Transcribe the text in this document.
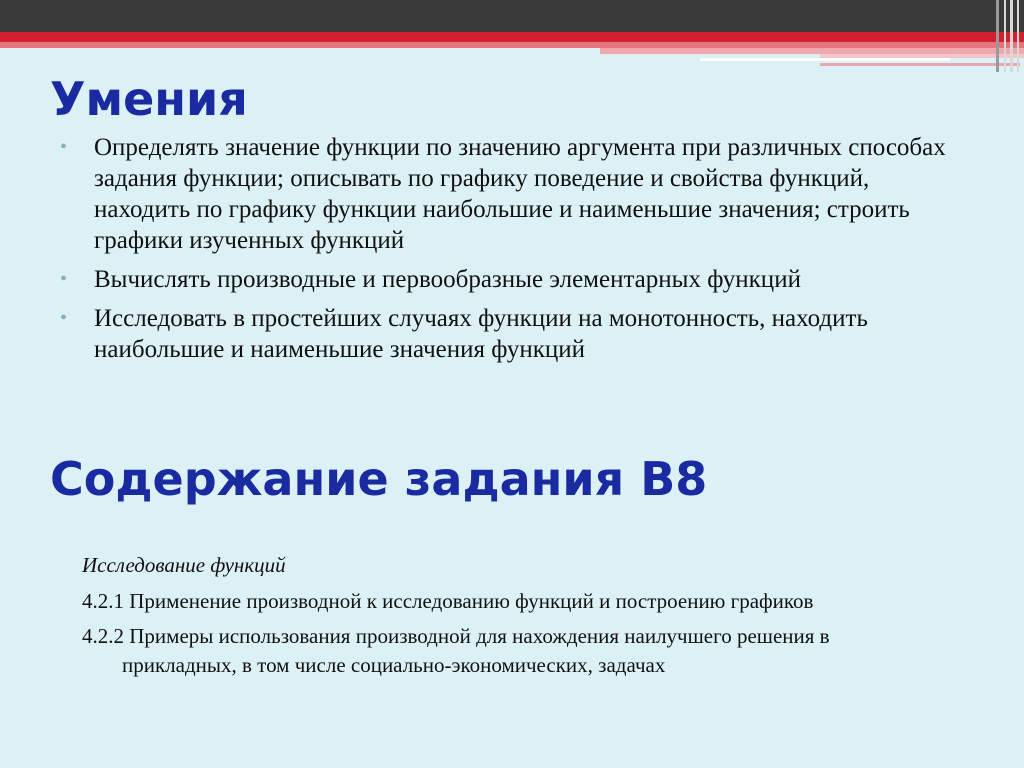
Умения
• Определять значение функции по значению аргумента при различных способах задания функции; описывать по графику поведение и свойства функций, находить по графику функции наибольшие и наименьшие значения; строить графики изученных функций
• Вычислять производные и первообразные элементарных функций
• Исследовать в простейших случаях функции на монотонность, находить наибольшие и наименьшие значения функций
Содержание задания B8
Исследование функций
4.2.1 Применение производной к исследованию функций и построению графиков
4.2.2 Примеры использования производной для нахождения наилучшего решения в прикладных, в том числе социально-экономических, задачах
